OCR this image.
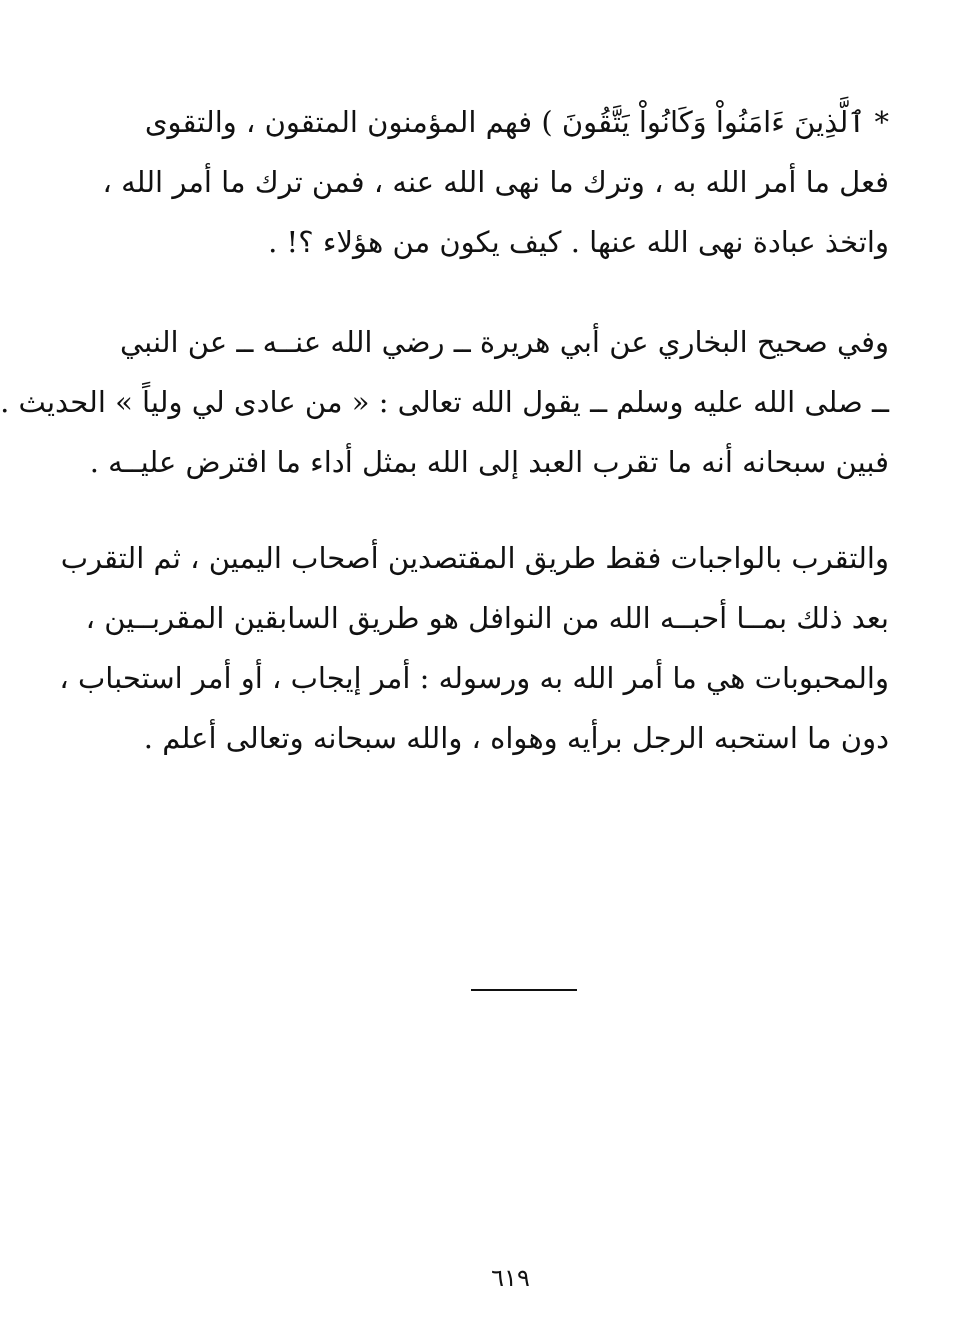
* ٱلَّذِينَ ءَامَنُواْ وَكَانُواْ يَتَّقُونَ ) فهم المؤمنون المتقون ، والتقوى
فعل ما أمر الله به ، وترك ما نهى الله عنه ، فمن ترك ما أمر الله ،
واتخذ عبادة نهى الله عنها . كيف يكون من هؤلاء ؟! .
وفي صحيح البخاري عن أبي هريرة ــ رضي الله عنــه ــ عن النبي
ــ صلى الله عليه وسلم ــ يقول الله تعالى : « من عادى لي ولياً » الحديث .
فبين سبحانه أنه ما تقرب العبد إلى الله بمثل أداء ما افترض عليــه .
والتقرب بالواجبات فقط طريق المقتصدين أصحاب اليمين ، ثم التقرب
بعد ذلك بمــا أحبــه الله من النوافل هو طريق السابقين المقربــين ،
والمحبوبات هي ما أمر الله به ورسوله : أمر إيجاب ، أو أمر استحباب ،
دون ما استحبه الرجل برأيه وهواه ، والله سبحانه وتعالى أعلم .
٦١٩
